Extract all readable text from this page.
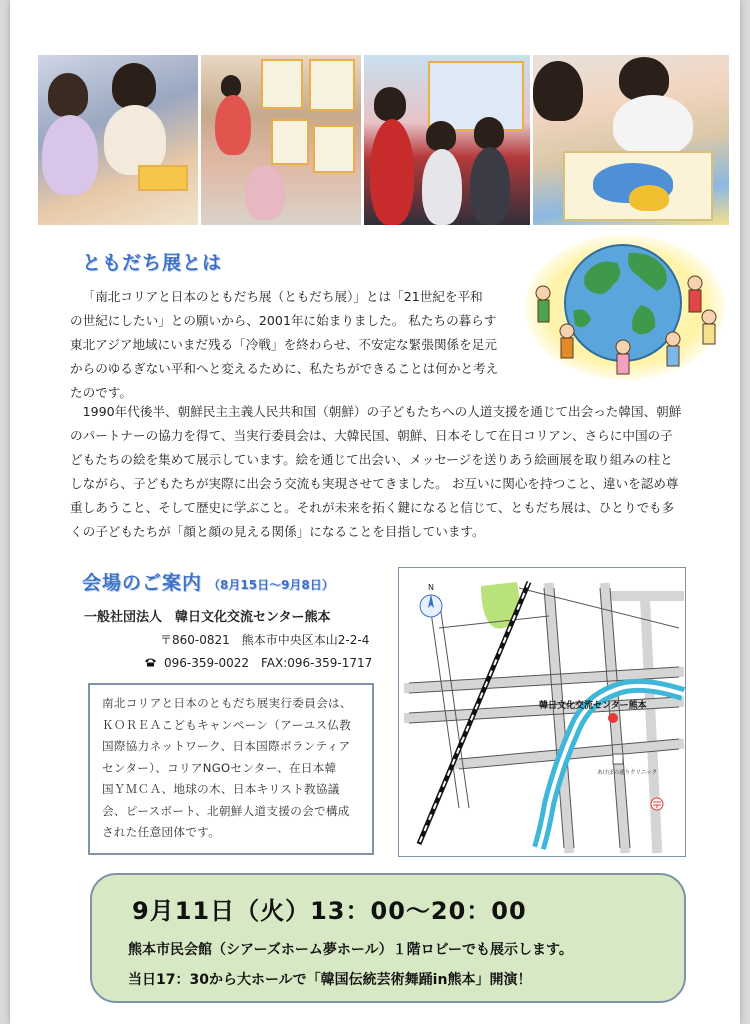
ともだち展とは
「南北コリアと日本のともだち展（ともだち展）」とは「21世紀を平和
の世紀にしたい」との願いから、2001年に始まりました。 私たちの暮らす
東北アジア地域にいまだ残る「冷戦」を終わらせ、不安定な緊張関係を足元
からのゆるぎない平和へと変えるために、私たちができることは何かと考え
たのです。
1990年代後半、朝鮮民主主義人民共和国（朝鮮）の子どもたちへの人道支援を通じて出会った韓国、朝鮮
のパートナーの協力を得て、当実行委員会は、大韓民国、朝鮮、日本そして在日コリアン、さらに中国の子
どもたちの絵を集めて展示しています。絵を通じて出会い、メッセージを送りあう絵画展を取り組みの柱と
しながら、子どもたちが実際に出会う交流も実現させてきました。 お互いに関心を持つこと、違いを認め尊
重しあうこと、そして歴史に学ぶこと。それが未来を拓く鍵になると信じて、ともだち展は、ひとりでも多
くの子どもたちが「顔と顔の見える関係」になることを目指しています。
会場のご案内 （8月15日～9月8日）
一般社団法人　韓日文化交流センター熊本
〒860-0821　熊本市中央区本山2-2-4
096-359-0022　FAX:096-359-1717
南北コリアと日本のともだち展実行委員会は、
ＫＯＲＥＡこどもキャンペーン（アーユス仏教
国際協力ネットワーク、日本国際ボランティア
センター）、コリアNGOセンター、在日本韓
国ＹＭＣＡ、地球の木、日本キリスト教協議
会、ピースボート、北朝鮮人道支援の会で構成
された任意団体です。
N
韓日文化交流センター熊本
あけぼの通りクリニック
9月11日（火）13：00～20：00
熊本市民会館（シアーズホーム夢ホール）１階ロビーでも展示します。
当日17：30から大ホールで「韓国伝統芸術舞踊in熊本」開演！
